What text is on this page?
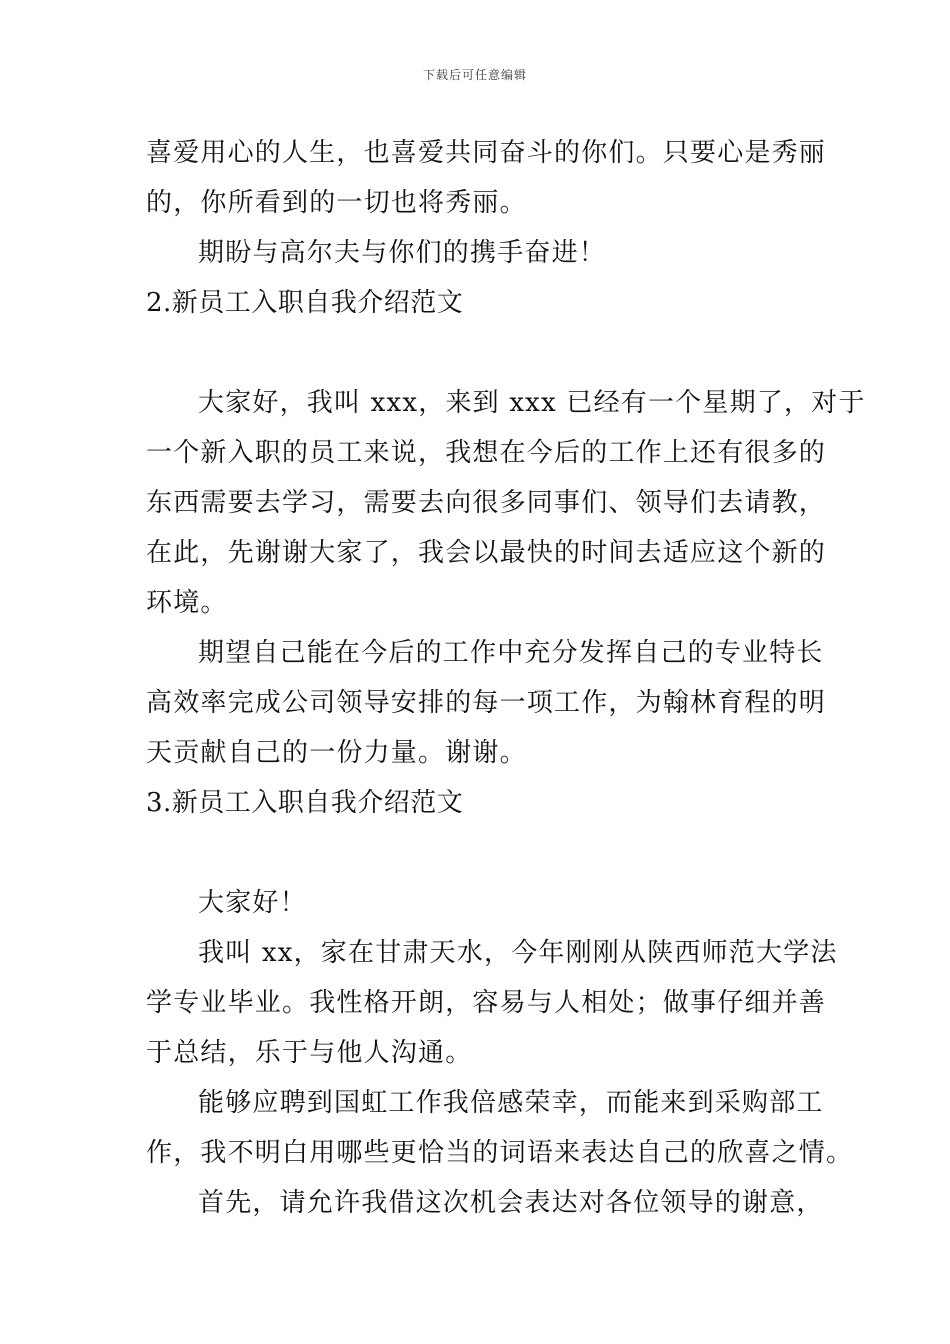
下载后可任意编辑
喜爱用心的人生，也喜爱共同奋斗的你们。只要心是秀丽
的，你所看到的一切也将秀丽。
期盼与高尔夫与你们的携手奋进！
2.新员工入职自我介绍范文
大家好，我叫 xxx，来到 xxx 已经有一个星期了，对于
一个新入职的员工来说，我想在今后的工作上还有很多的
东西需要去学习，需要去向很多同事们、领导们去请教，
在此，先谢谢大家了，我会以最快的时间去适应这个新的
环境。
期望自己能在今后的工作中充分发挥自己的专业特长
高效率完成公司领导安排的每一项工作，为翰林育程的明
天贡献自己的一份力量。谢谢。
3.新员工入职自我介绍范文
大家好！
我叫 xx，家在甘肃天水，今年刚刚从陕西师范大学法
学专业毕业。我性格开朗，容易与人相处；做事仔细并善
于总结，乐于与他人沟通。
能够应聘到国虹工作我倍感荣幸，而能来到采购部工
作，我不明白用哪些更恰当的词语来表达自己的欣喜之情。
首先，请允许我借这次机会表达对各位领导的谢意，
